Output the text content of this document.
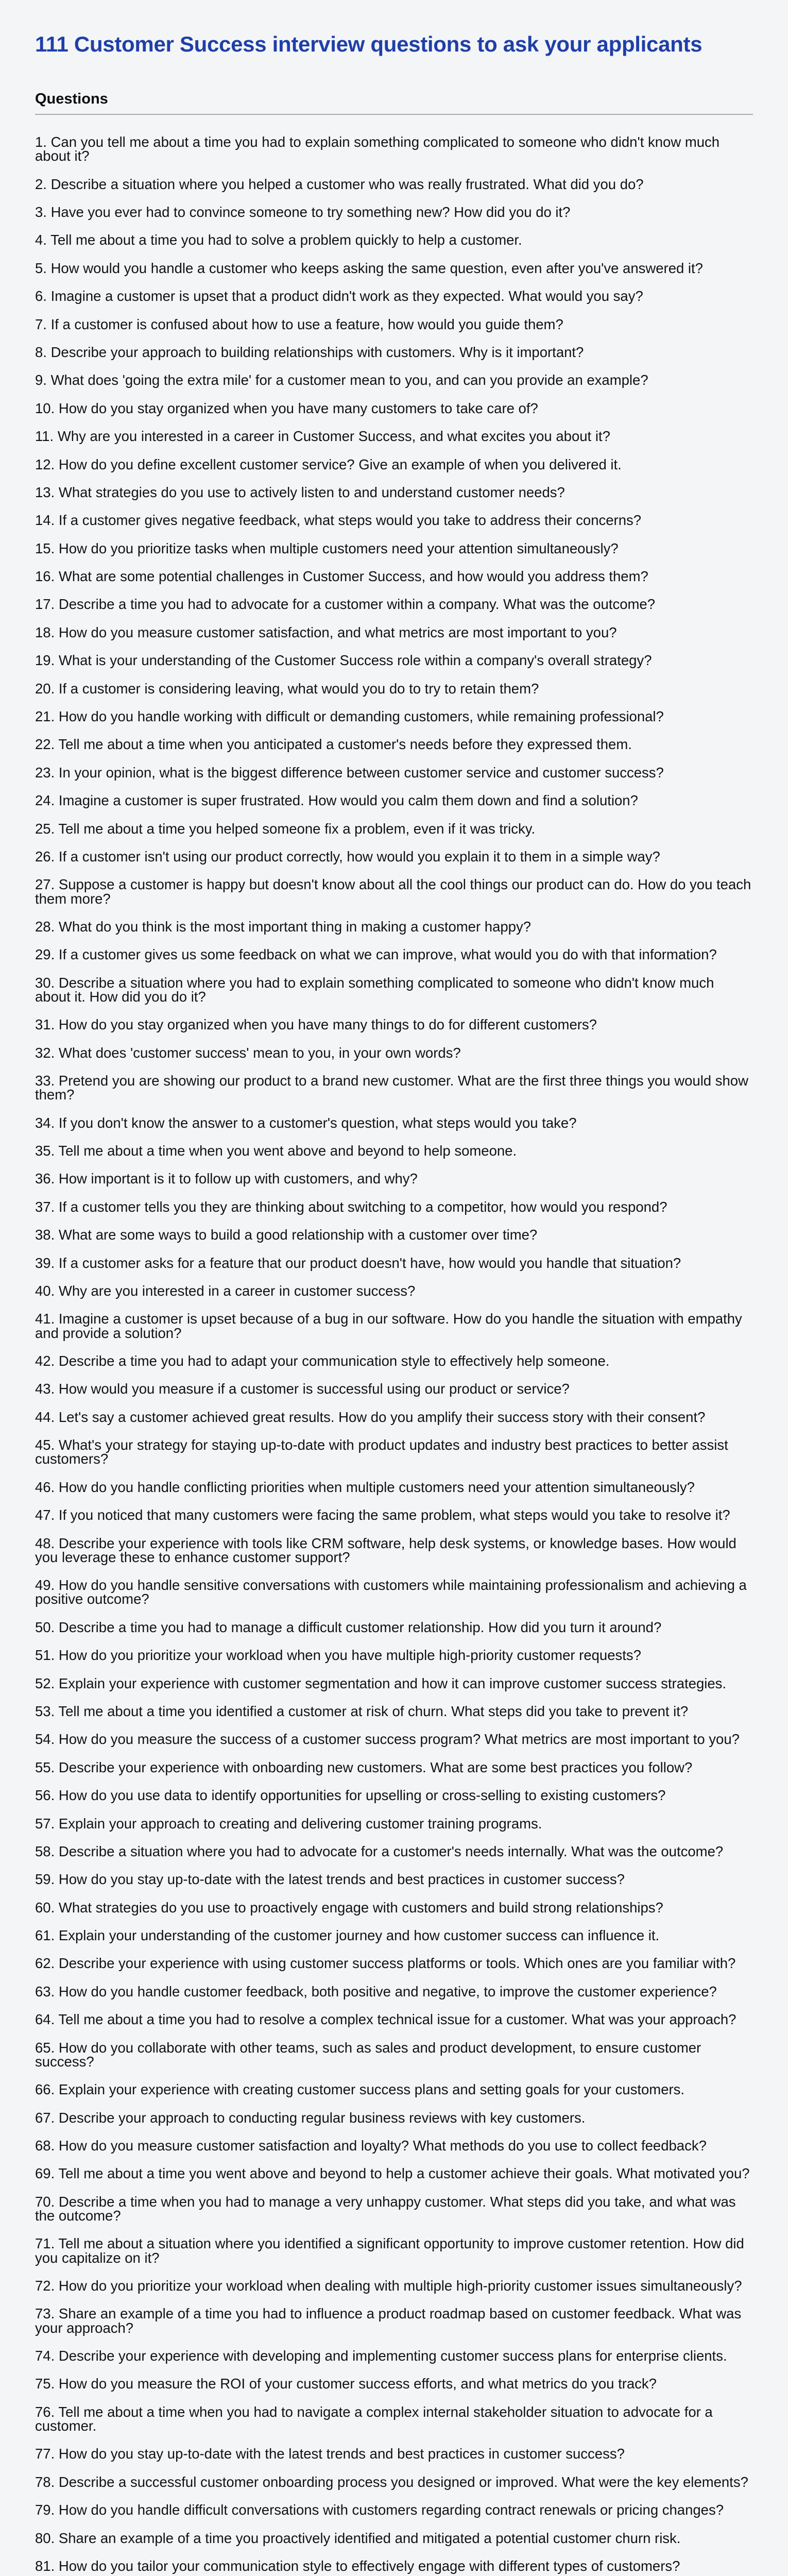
111 Customer Success interview questions to ask your applicants
Questions
1. Can you tell me about a time you had to explain something complicated to someone who didn't know much about it?
2. Describe a situation where you helped a customer who was really frustrated. What did you do?
3. Have you ever had to convince someone to try something new? How did you do it?
4. Tell me about a time you had to solve a problem quickly to help a customer.
5. How would you handle a customer who keeps asking the same question, even after you've answered it?
6. Imagine a customer is upset that a product didn't work as they expected. What would you say?
7. If a customer is confused about how to use a feature, how would you guide them?
8. Describe your approach to building relationships with customers. Why is it important?
9. What does 'going the extra mile' for a customer mean to you, and can you provide an example?
10. How do you stay organized when you have many customers to take care of?
11. Why are you interested in a career in Customer Success, and what excites you about it?
12. How do you define excellent customer service? Give an example of when you delivered it.
13. What strategies do you use to actively listen to and understand customer needs?
14. If a customer gives negative feedback, what steps would you take to address their concerns?
15. How do you prioritize tasks when multiple customers need your attention simultaneously?
16. What are some potential challenges in Customer Success, and how would you address them?
17. Describe a time you had to advocate for a customer within a company. What was the outcome?
18. How do you measure customer satisfaction, and what metrics are most important to you?
19. What is your understanding of the Customer Success role within a company's overall strategy?
20. If a customer is considering leaving, what would you do to try to retain them?
21. How do you handle working with difficult or demanding customers, while remaining professional?
22. Tell me about a time when you anticipated a customer's needs before they expressed them.
23. In your opinion, what is the biggest difference between customer service and customer success?
24. Imagine a customer is super frustrated. How would you calm them down and find a solution?
25. Tell me about a time you helped someone fix a problem, even if it was tricky.
26. If a customer isn't using our product correctly, how would you explain it to them in a simple way?
27. Suppose a customer is happy but doesn't know about all the cool things our product can do. How do you teach them more?
28. What do you think is the most important thing in making a customer happy?
29. If a customer gives us some feedback on what we can improve, what would you do with that information?
30. Describe a situation where you had to explain something complicated to someone who didn't know much about it. How did you do it?
31. How do you stay organized when you have many things to do for different customers?
32. What does 'customer success' mean to you, in your own words?
33. Pretend you are showing our product to a brand new customer. What are the first three things you would show them?
34. If you don't know the answer to a customer's question, what steps would you take?
35. Tell me about a time when you went above and beyond to help someone.
36. How important is it to follow up with customers, and why?
37. If a customer tells you they are thinking about switching to a competitor, how would you respond?
38. What are some ways to build a good relationship with a customer over time?
39. If a customer asks for a feature that our product doesn't have, how would you handle that situation?
40. Why are you interested in a career in customer success?
41. Imagine a customer is upset because of a bug in our software. How do you handle the situation with empathy and provide a solution?
42. Describe a time you had to adapt your communication style to effectively help someone.
43. How would you measure if a customer is successful using our product or service?
44. Let's say a customer achieved great results. How do you amplify their success story with their consent?
45. What's your strategy for staying up-to-date with product updates and industry best practices to better assist customers?
46. How do you handle conflicting priorities when multiple customers need your attention simultaneously?
47. If you noticed that many customers were facing the same problem, what steps would you take to resolve it?
48. Describe your experience with tools like CRM software, help desk systems, or knowledge bases. How would you leverage these to enhance customer support?
49. How do you handle sensitive conversations with customers while maintaining professionalism and achieving a positive outcome?
50. Describe a time you had to manage a difficult customer relationship. How did you turn it around?
51. How do you prioritize your workload when you have multiple high-priority customer requests?
52. Explain your experience with customer segmentation and how it can improve customer success strategies.
53. Tell me about a time you identified a customer at risk of churn. What steps did you take to prevent it?
54. How do you measure the success of a customer success program? What metrics are most important to you?
55. Describe your experience with onboarding new customers. What are some best practices you follow?
56. How do you use data to identify opportunities for upselling or cross-selling to existing customers?
57. Explain your approach to creating and delivering customer training programs.
58. Describe a situation where you had to advocate for a customer's needs internally. What was the outcome?
59. How do you stay up-to-date with the latest trends and best practices in customer success?
60. What strategies do you use to proactively engage with customers and build strong relationships?
61. Explain your understanding of the customer journey and how customer success can influence it.
62. Describe your experience with using customer success platforms or tools. Which ones are you familiar with?
63. How do you handle customer feedback, both positive and negative, to improve the customer experience?
64. Tell me about a time you had to resolve a complex technical issue for a customer. What was your approach?
65. How do you collaborate with other teams, such as sales and product development, to ensure customer success?
66. Explain your experience with creating customer success plans and setting goals for your customers.
67. Describe your approach to conducting regular business reviews with key customers.
68. How do you measure customer satisfaction and loyalty? What methods do you use to collect feedback?
69. Tell me about a time you went above and beyond to help a customer achieve their goals. What motivated you?
70. Describe a time when you had to manage a very unhappy customer. What steps did you take, and what was the outcome?
71. Tell me about a situation where you identified a significant opportunity to improve customer retention. How did you capitalize on it?
72. How do you prioritize your workload when dealing with multiple high-priority customer issues simultaneously?
73. Share an example of a time you had to influence a product roadmap based on customer feedback. What was your approach?
74. Describe your experience with developing and implementing customer success plans for enterprise clients.
75. How do you measure the ROI of your customer success efforts, and what metrics do you track?
76. Tell me about a time when you had to navigate a complex internal stakeholder situation to advocate for a customer.
77. How do you stay up-to-date with the latest trends and best practices in customer success?
78. Describe a successful customer onboarding process you designed or improved. What were the key elements?
79. How do you handle difficult conversations with customers regarding contract renewals or pricing changes?
80. Share an example of a time you proactively identified and mitigated a potential customer churn risk.
81. How do you tailor your communication style to effectively engage with different types of customers?
